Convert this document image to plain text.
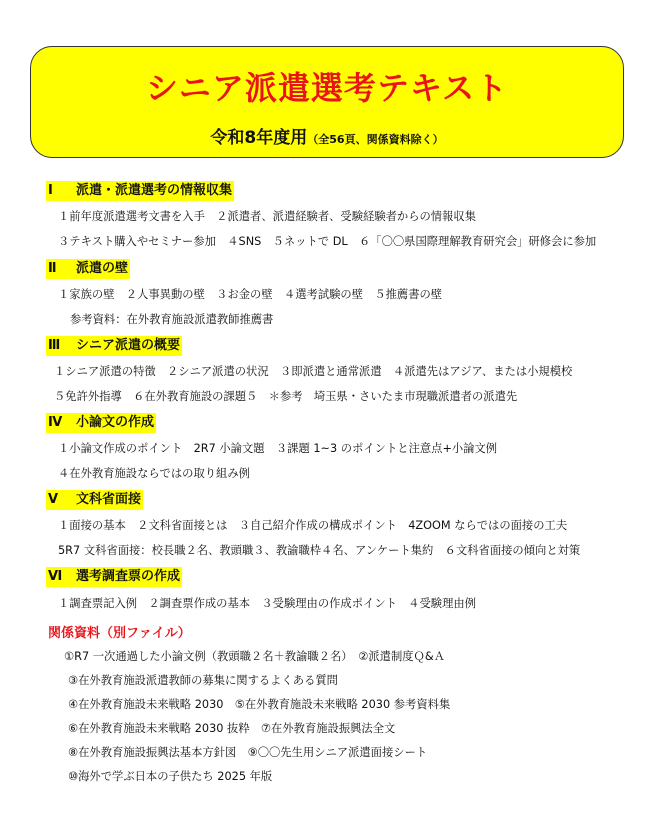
シニア派遣選考テキスト
令和8年度用（全56頁、関係資料除く）
Ⅰ 派遣・派遣選考の情報収集
１前年度派遣選考文書を入手　２派遣者、派遣経験者、受験経験者からの情報収集
３テキスト購入やセミナー参加　４SNS　５ネットで DL　６「〇〇県国際理解教育研究会」研修会に参加
Ⅱ 派遣の壁
１家族の壁　２人事異動の壁　３お金の壁　４選考試験の壁　５推薦書の壁
参考資料：在外教育施設派遣教師推薦書
Ⅲ シニア派遣の概要
１シニア派遣の特徴　２シニア派遣の状況　３即派遣と通常派遣　４派遣先はアジア、または小規模校
５免許外指導　６在外教育施設の課題５　＊参考　埼玉県・さいたま市現職派遣者の派遣先
Ⅳ 小論文の作成
１小論文作成のポイント　2R7 小論文題　３課題 1~3 のポイントと注意点+小論文例
４在外教育施設ならではの取り組み例
Ⅴ 文科省面接
１面接の基本　２文科省面接とは　３自己紹介作成の構成ポイント　4ZOOM ならではの面接の工夫
5R7 文科省面接：校長職２名、教頭職３、教諭職枠４名、アンケート集約　６文科省面接の傾向と対策
Ⅵ 選考調査票の作成
１調査票記入例　２調査票作成の基本　３受験理由の作成ポイント　４受験理由例
関係資料（別ファイル）
①R7 一次通過した小論文例（教頭職２名＋教諭職２名）　②派遣制度Ｑ&Ａ
③在外教育施設派遣教師の募集に関するよくある質問
④在外教育施設未来戦略 2030　⑤在外教育施設未来戦略 2030 参考資料集
⑥在外教育施設未来戦略 2030 抜粋　⑦在外教育施設振興法全文
⑧在外教育施設振興法基本方針図　⑨〇〇先生用シニア派遣面接シート
⑩海外で学ぶ日本の子供たち 2025 年版
